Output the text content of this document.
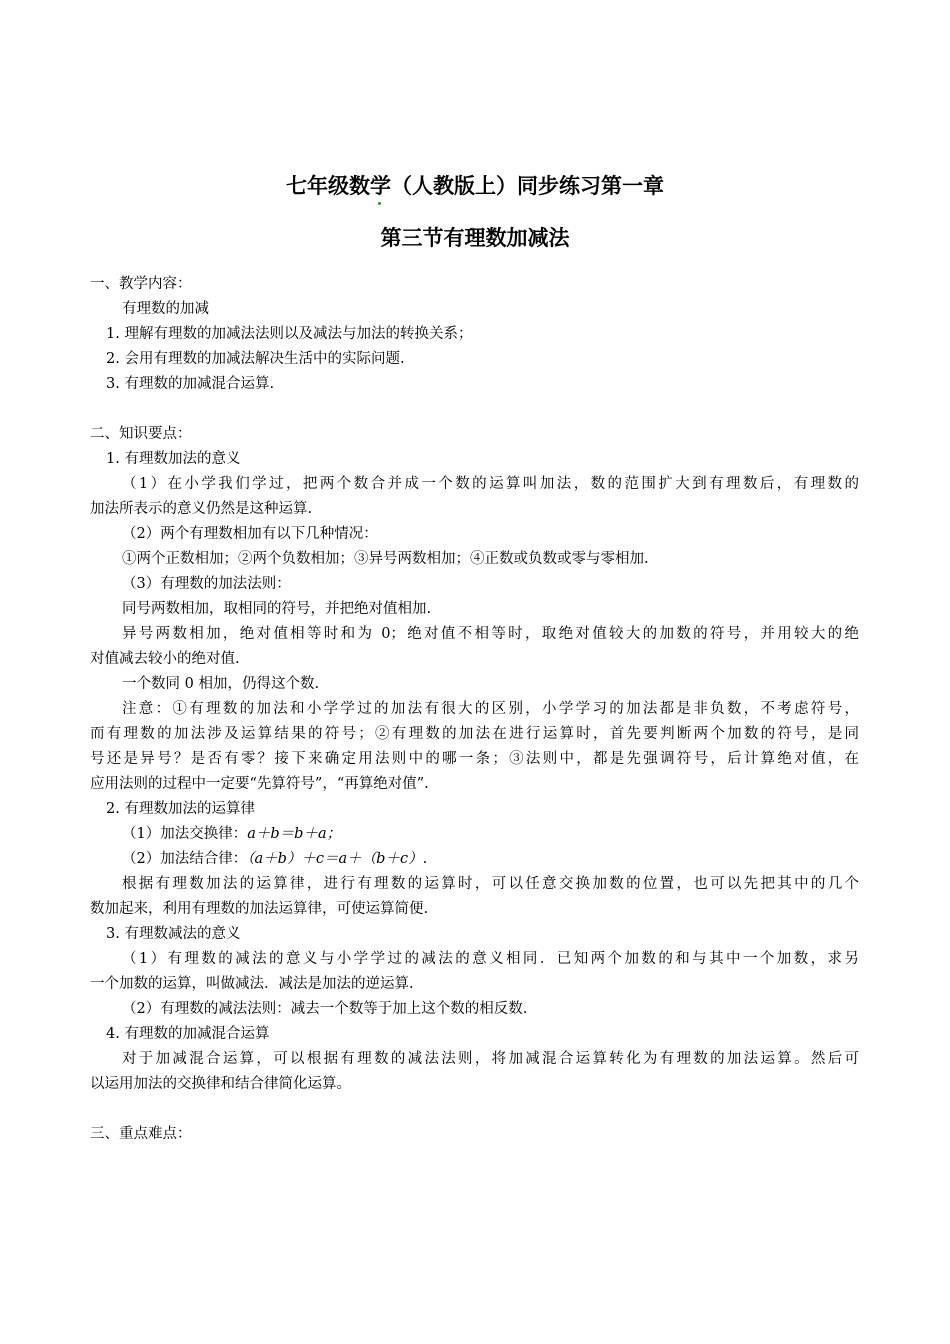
七年级数学（人教版上）同步练习第一章
第三节有理数加减法
一、教学内容：
有理数的加减
1. 理解有理数的加减法法则以及减法与加法的转换关系；
2. 会用有理数的加减法解决生活中的实际问题.
3. 有理数的加减混合运算.
二、知识要点：
1. 有理数加法的意义
（1）在小学我们学过，把两个数合并成一个数的运算叫加法，数的范围扩大到有理数后，有理数的
加法所表示的意义仍然是这种运算.
（2）两个有理数相加有以下几种情况：
①两个正数相加；②两个负数相加；③异号两数相加；④正数或负数或零与零相加.
（3）有理数的加法法则：
同号两数相加，取相同的符号，并把绝对值相加.
异号两数相加，绝对值相等时和为 0；绝对值不相等时，取绝对值较大的加数的符号，并用较大的绝
对值减去较小的绝对值.
一个数同 0 相加，仍得这个数.
注意：①有理数的加法和小学学过的加法有很大的区别，小学学习的加法都是非负数，不考虑符号，
而有理数的加法涉及运算结果的符号；②有理数的加法在进行运算时，首先要判断两个加数的符号，是同
号还是异号？是否有零？接下来确定用法则中的哪一条；③法则中，都是先强调符号，后计算绝对值，在
应用法则的过程中一定要“先算符号”，“再算绝对值”.
2. 有理数加法的运算律
（1）加法交换律：a＋b＝b＋a；
（2）加法结合律：（a＋b）＋c＝a＋（b＋c）.
根据有理数加法的运算律，进行有理数的运算时，可以任意交换加数的位置，也可以先把其中的几个
数加起来，利用有理数的加法运算律，可使运算简便.
3. 有理数减法的意义
（1）有理数的减法的意义与小学学过的减法的意义相同．已知两个加数的和与其中一个加数，求另
一个加数的运算，叫做减法．减法是加法的逆运算.
（2）有理数的减法法则：减去一个数等于加上这个数的相反数.
4. 有理数的加减混合运算
对于加减混合运算，可以根据有理数的减法法则，将加减混合运算转化为有理数的加法运算。然后可
以运用加法的交换律和结合律简化运算。
三、重点难点：
